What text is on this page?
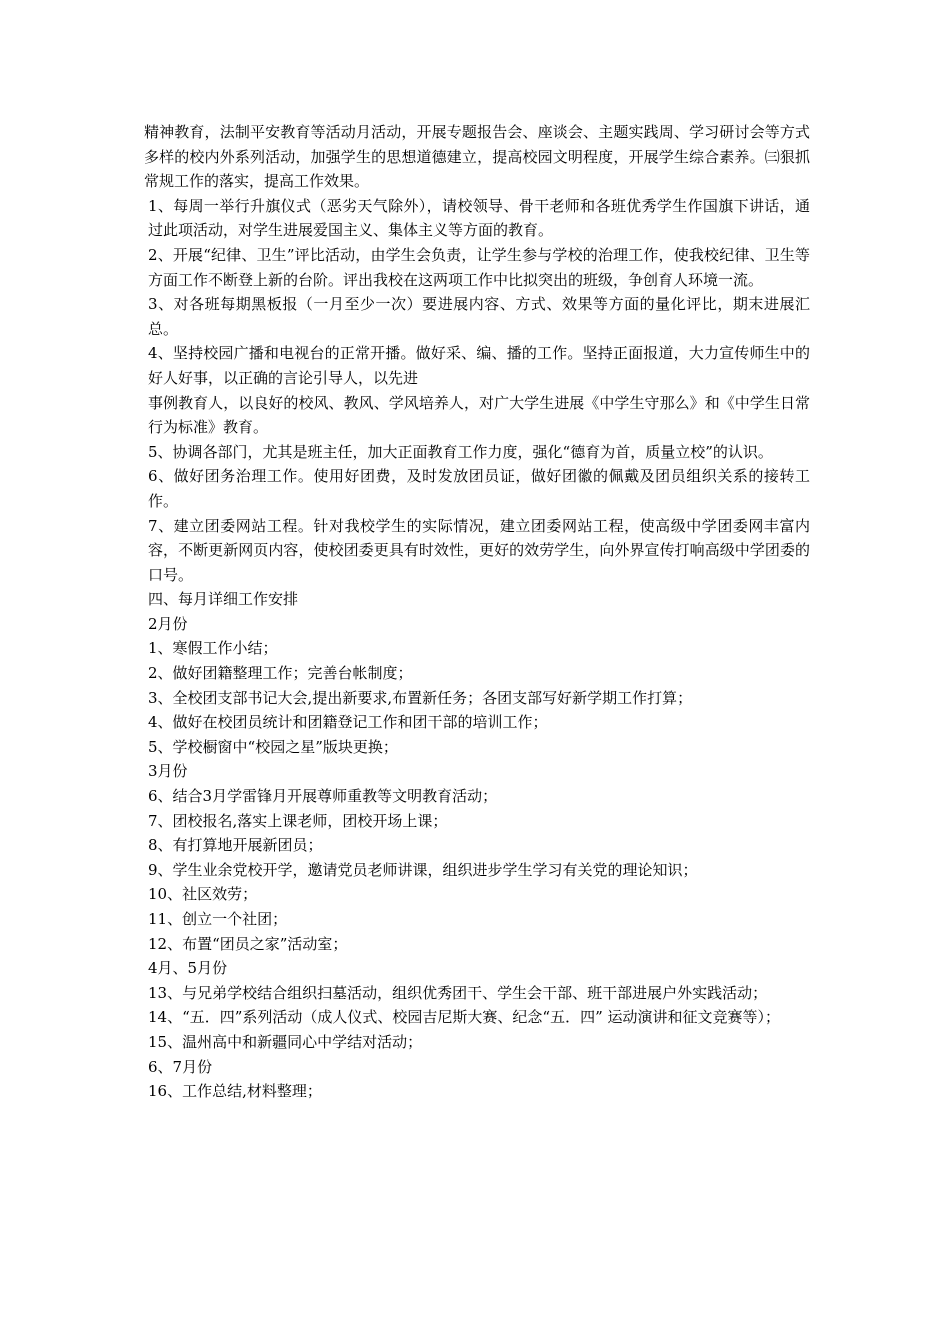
精神教育，法制平安教育等活动月活动，开展专题报告会、座谈会、主题实践周、学习研讨会等方式多样的校内外系列活动，加强学生的思想道德建立，提高校园文明程度，开展学生综合素养。㈢狠抓常规工作的落实，提高工作效果。

1、每周一举行升旗仪式（恶劣天气除外），请校领导、骨干老师和各班优秀学生作国旗下讲话，通过此项活动，对学生进展爱国主义、集体主义等方面的教育。

2、开展“纪律、卫生”评比活动，由学生会负责，让学生参与学校的治理工作，使我校纪律、卫生等方面工作不断登上新的台阶。评出我校在这两项工作中比拟突出的班级，争创育人环境一流。

3、对各班每期黑板报（一月至少一次）要进展内容、方式、效果等方面的量化评比，期末进展汇总。

4、坚持校园广播和电视台的正常开播。做好采、编、播的工作。坚持正面报道，大力宣传师生中的好人好事，以正确的言论引导人，以先进

事例教育人，以良好的校风、教风、学风培养人，对广大学生进展《中学生守那么》和《中学生日常行为标准》教育。

5、协调各部门，尤其是班主任，加大正面教育工作力度，强化“德育为首，质量立校”的认识。

6、做好团务治理工作。使用好团费，及时发放团员证，做好团徽的佩戴及团员组织关系的接转工作。

7、建立团委网站工程。针对我校学生的实际情况，建立团委网站工程，使高级中学团委网丰富内容，不断更新网页内容，使校团委更具有时效性，更好的效劳学生，向外界宣传打响高级中学团委的口号。

四、每月详细工作安排

2月份

1、寒假工作小结；

2、做好团籍整理工作；完善台帐制度；

3、全校团支部书记大会,提出新要求,布置新任务；各团支部写好新学期工作打算；

4、做好在校团员统计和团籍登记工作和团干部的培训工作；

5、学校橱窗中“校园之星”版块更换；

3月份

6、结合3月学雷锋月开展尊师重教等文明教育活动；

7、团校报名,落实上课老师，团校开场上课；

8、有打算地开展新团员；

9、学生业余党校开学，邀请党员老师讲课，组织进步学生学习有关党的理论知识；

10、社区效劳；

11、创立一个社团；

12、布置“团员之家”活动室；

4月、5月份

13、与兄弟学校结合组织扫墓活动，组织优秀团干、学生会干部、班干部进展户外实践活动；

14、“五．四”系列活动（成人仪式、校园吉尼斯大赛、纪念“五．四” 运动演讲和征文竞赛等）；

15、温州高中和新疆同心中学结对活动；

6、7月份

16、工作总结,材料整理；
